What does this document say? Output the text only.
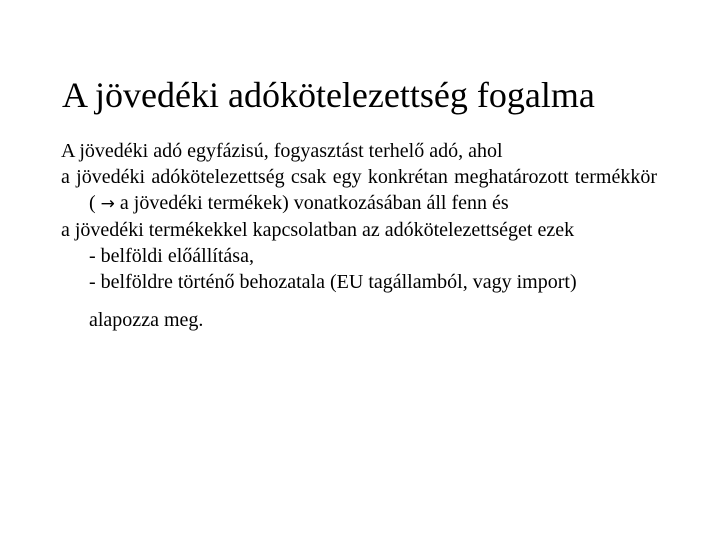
A jövedéki adókötelezettség fogalma

A jövedéki adó egyfázisú, fogyasztást terhelő adó, ahol

a jövedéki adókötelezettség csak egy konkrétan meghatározott termékkör ( → a jövedéki termékek) vonatkozásában áll fenn és

a jövedéki termékekkel kapcsolatban az adókötelezettséget ezek

- belföldi előállítása,

- belföldre történő behozatala (EU tagállamból, vagy import)

alapozza meg.
